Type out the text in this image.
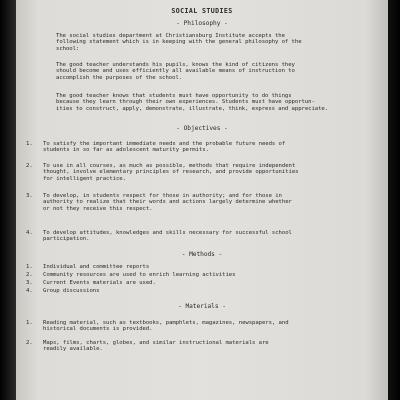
SOCIAL STUDIES
- Philosophy -
The social studies department at Christiansburg Institute accepts the
following statement which is in keeping with the general philosophy of the
school:
The good teacher understands his pupils, knows the kind of citizens they
should become and uses efficiently all available means of instruction to
accomplish the purposes of the school.
The good teacher knows that students must have opportunity to do things
because they learn through their own experiences. Students must have opportun-
ities to construct, apply, demonstrate, illustrate, think, express and appreciate.
- Objectives -
1. To satisfy the important immediate needs and the probable future needs of
students in so far as adolescent maturity permits.
2. To use in all courses, as much as possible, methods that require independent
thought, involve elementary principles of research, and provide opportunities
for intelligent practice.
3. To develop, in students respect for those in authority; and for those in
authority to realize that their words and actions largely determine whether
or not they receive this respect.
4. To develop attitudes, knowledges and skills necessary for successful school
participation.
- Methods -
1. Individual and committee reports
2. Community resources are used to enrich learning activities
3. Current Events materials are used.
4. Group discussions
- Materials -
1. Reading material, such as textbooks, pamphlets, magazines, newspapers, and
historical documents is provided.
2. Maps, films, charts, globes, and similar instructional materials are
readily available.
